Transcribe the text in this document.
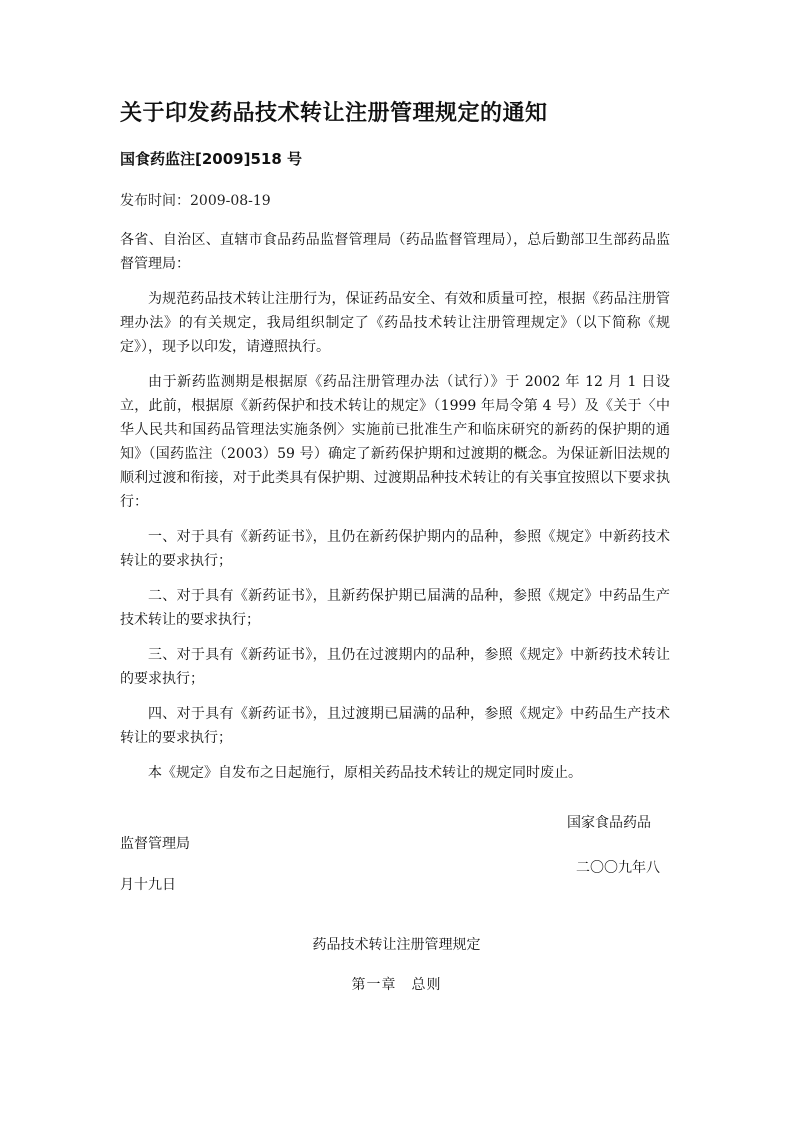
关于印发药品技术转让注册管理规定的通知
国食药监注[2009]518 号
发布时间：2009-08-19

各省、自治区、直辖市食品药品监督管理局（药品监督管理局），总后勤部卫生部药品监督管理局：

为规范药品技术转让注册行为，保证药品安全、有效和质量可控，根据《药品注册管理办法》的有关规定，我局组织制定了《药品技术转让注册管理规定》（以下简称《规定》），现予以印发，请遵照执行。

由于新药监测期是根据原《药品注册管理办法（试行）》于 2002 年 12 月 1 日设立，此前，根据原《新药保护和技术转让的规定》（1999 年局令第 4 号）及《关于〈中华人民共和国药品管理法实施条例〉实施前已批准生产和临床研究的新药的保护期的通知》（国药监注（2003）59 号）确定了新药保护期和过渡期的概念。为保证新旧法规的顺利过渡和衔接，对于此类具有保护期、过渡期品种技术转让的有关事宜按照以下要求执行：

一、对于具有《新药证书》，且仍在新药保护期内的品种，参照《规定》中新药技术转让的要求执行；

二、对于具有《新药证书》，且新药保护期已届满的品种，参照《规定》中药品生产技术转让的要求执行；

三、对于具有《新药证书》，且仍在过渡期内的品种，参照《规定》中新药技术转让的要求执行；

四、对于具有《新药证书》，且过渡期已届满的品种，参照《规定》中药品生产技术转让的要求执行；

本《规定》自发布之日起施行，原相关药品技术转让的规定同时废止。

国家食品药品
监督管理局
二〇〇九年八
月十九日
药品技术转让注册管理规定
第一章　总则
